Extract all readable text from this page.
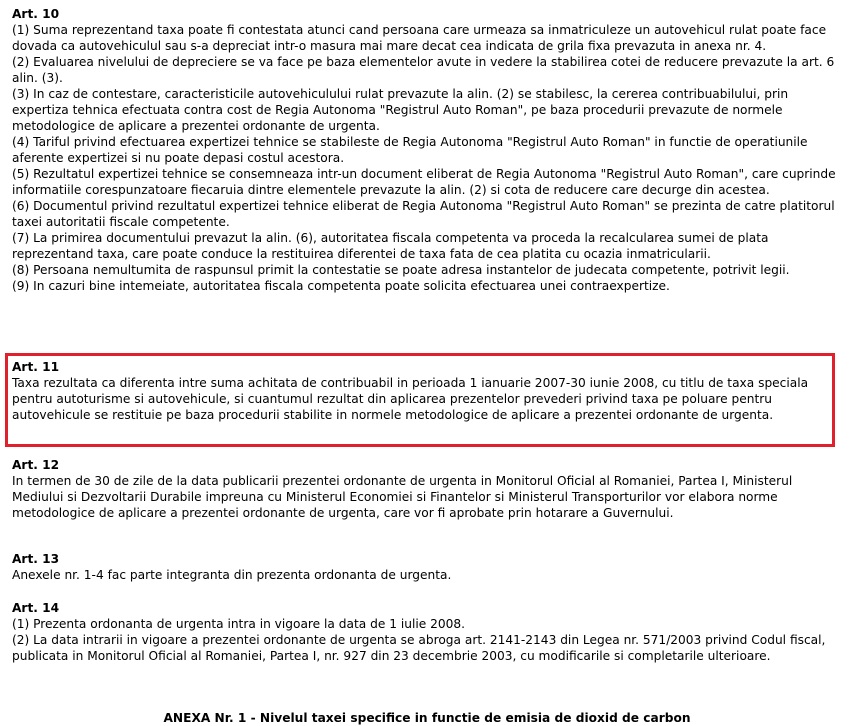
Art. 10
(1) Suma reprezentand taxa poate fi contestata atunci cand persoana care urmeaza sa inmatriculeze un autovehicul rulat poate face dovada ca autovehiculul sau s-a depreciat intr-o masura mai mare decat cea indicata de grila fixa prevazuta in anexa nr. 4.
(2) Evaluarea nivelului de depreciere se va face pe baza elementelor avute in vedere la stabilirea cotei de reducere prevazute la art. 6 alin. (3).
(3) In caz de contestare, caracteristicile autovehiculului rulat prevazute la alin. (2) se stabilesc, la cererea contribuabilului, prin expertiza tehnica efectuata contra cost de Regia Autonoma "Registrul Auto Roman", pe baza procedurii prevazute de normele metodologice de aplicare a prezentei ordonante de urgenta.
(4) Tariful privind efectuarea expertizei tehnice se stabileste de Regia Autonoma "Registrul Auto Roman" in functie de operatiunile aferente expertizei si nu poate depasi costul acestora.
(5) Rezultatul expertizei tehnice se consemneaza intr-un document eliberat de Regia Autonoma "Registrul Auto Roman", care cuprinde informatiile corespunzatoare fiecaruia dintre elementele prevazute la alin. (2) si cota de reducere care decurge din acestea.
(6) Documentul privind rezultatul expertizei tehnice eliberat de Regia Autonoma "Registrul Auto Roman" se prezinta de catre platitorul taxei autoritatii fiscale competente.
(7) La primirea documentului prevazut la alin. (6), autoritatea fiscala competenta va proceda la recalcularea sumei de plata reprezentand taxa, care poate conduce la restituirea diferentei de taxa fata de cea platita cu ocazia inmatricularii.
(8) Persoana nemultumita de raspunsul primit la contestatie se poate adresa instantelor de judecata competente, potrivit legii.
(9) In cazuri bine intemeiate, autoritatea fiscala competenta poate solicita efectuarea unei contraexpertize.
Art. 11
Taxa rezultata ca diferenta intre suma achitata de contribuabil in perioada 1 ianuarie 2007-30 iunie 2008, cu titlu de taxa speciala pentru autoturisme si autovehicule, si cuantumul rezultat din aplicarea prezentelor prevederi privind taxa pe poluare pentru autovehicule se restituie pe baza procedurii stabilite in normele metodologice de aplicare a prezentei ordonante de urgenta.
Art. 12
In termen de 30 de zile de la data publicarii prezentei ordonante de urgenta in Monitorul Oficial al Romaniei, Partea I, Ministerul Mediului si Dezvoltarii Durabile impreuna cu Ministerul Economiei si Finantelor si Ministerul Transporturilor vor elabora norme metodologice de aplicare a prezentei ordonante de urgenta, care vor fi aprobate prin hotarare a Guvernului.
Art. 13
Anexele nr. 1-4 fac parte integranta din prezenta ordonanta de urgenta.
Art. 14
(1) Prezenta ordonanta de urgenta intra in vigoare la data de 1 iulie 2008.
(2) La data intrarii in vigoare a prezentei ordonante de urgenta se abroga art. 2141-2143 din Legea nr. 571/2003 privind Codul fiscal, publicata in Monitorul Oficial al Romaniei, Partea I, nr. 927 din 23 decembrie 2003, cu modificarile si completarile ulterioare.
ANEXA Nr. 1 - Nivelul taxei specifice in functie de emisia de dioxid de carbon
